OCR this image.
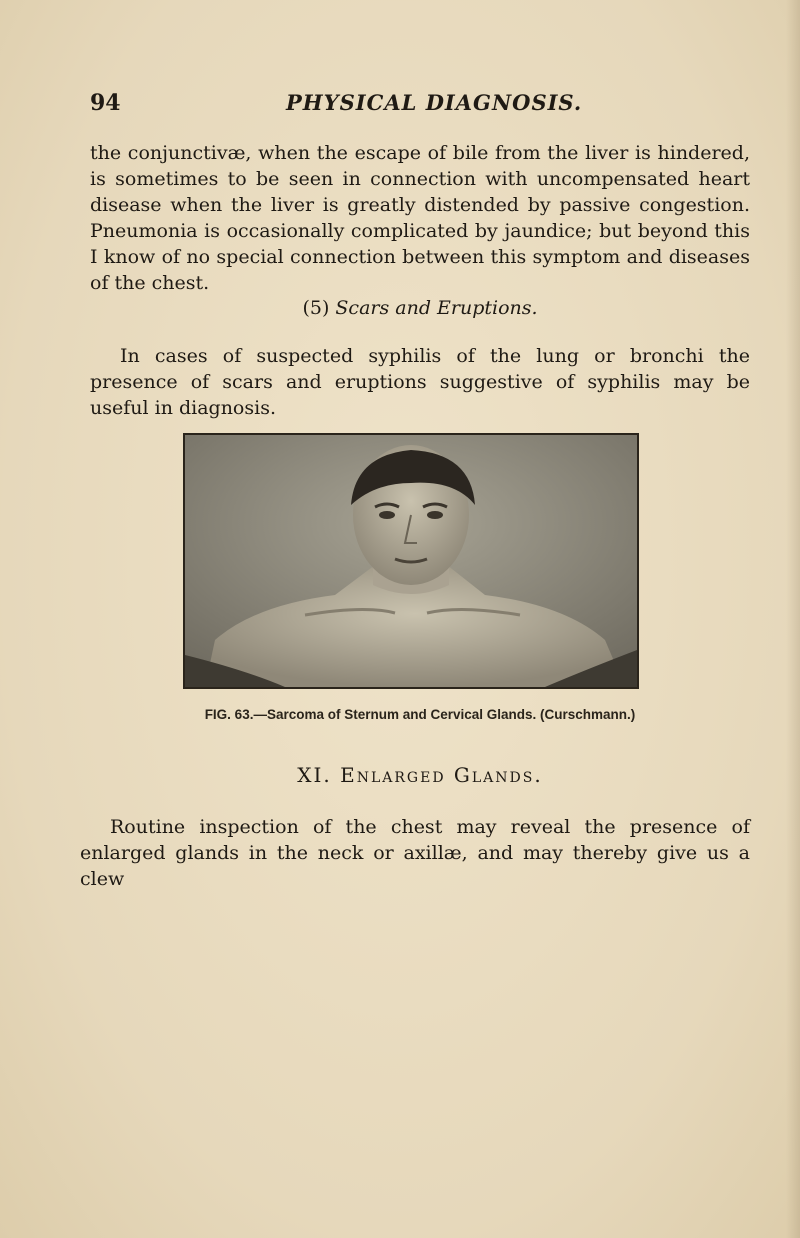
94	PHYSICAL DIAGNOSIS.

the conjunctivæ, when the escape of bile from the liver is hindered, is sometimes to be seen in connection with uncompensated heart disease when the liver is greatly distended by passive congestion. Pneumonia is occasionally complicated by jaundice; but beyond this I know of no special connection between this symptom and diseases of the chest.

(5) Scars and Eruptions.

In cases of suspected syphilis of the lung or bronchi the presence of scars and eruptions suggestive of syphilis may be useful in diagnosis.

FIG. 63.—Sarcoma of Sternum and Cervical Glands. (Curschmann.)
XI. Enlarged Glands.

Routine inspection of the chest may reveal the presence of enlarged glands in the neck or axillæ, and may thereby give us a clew
